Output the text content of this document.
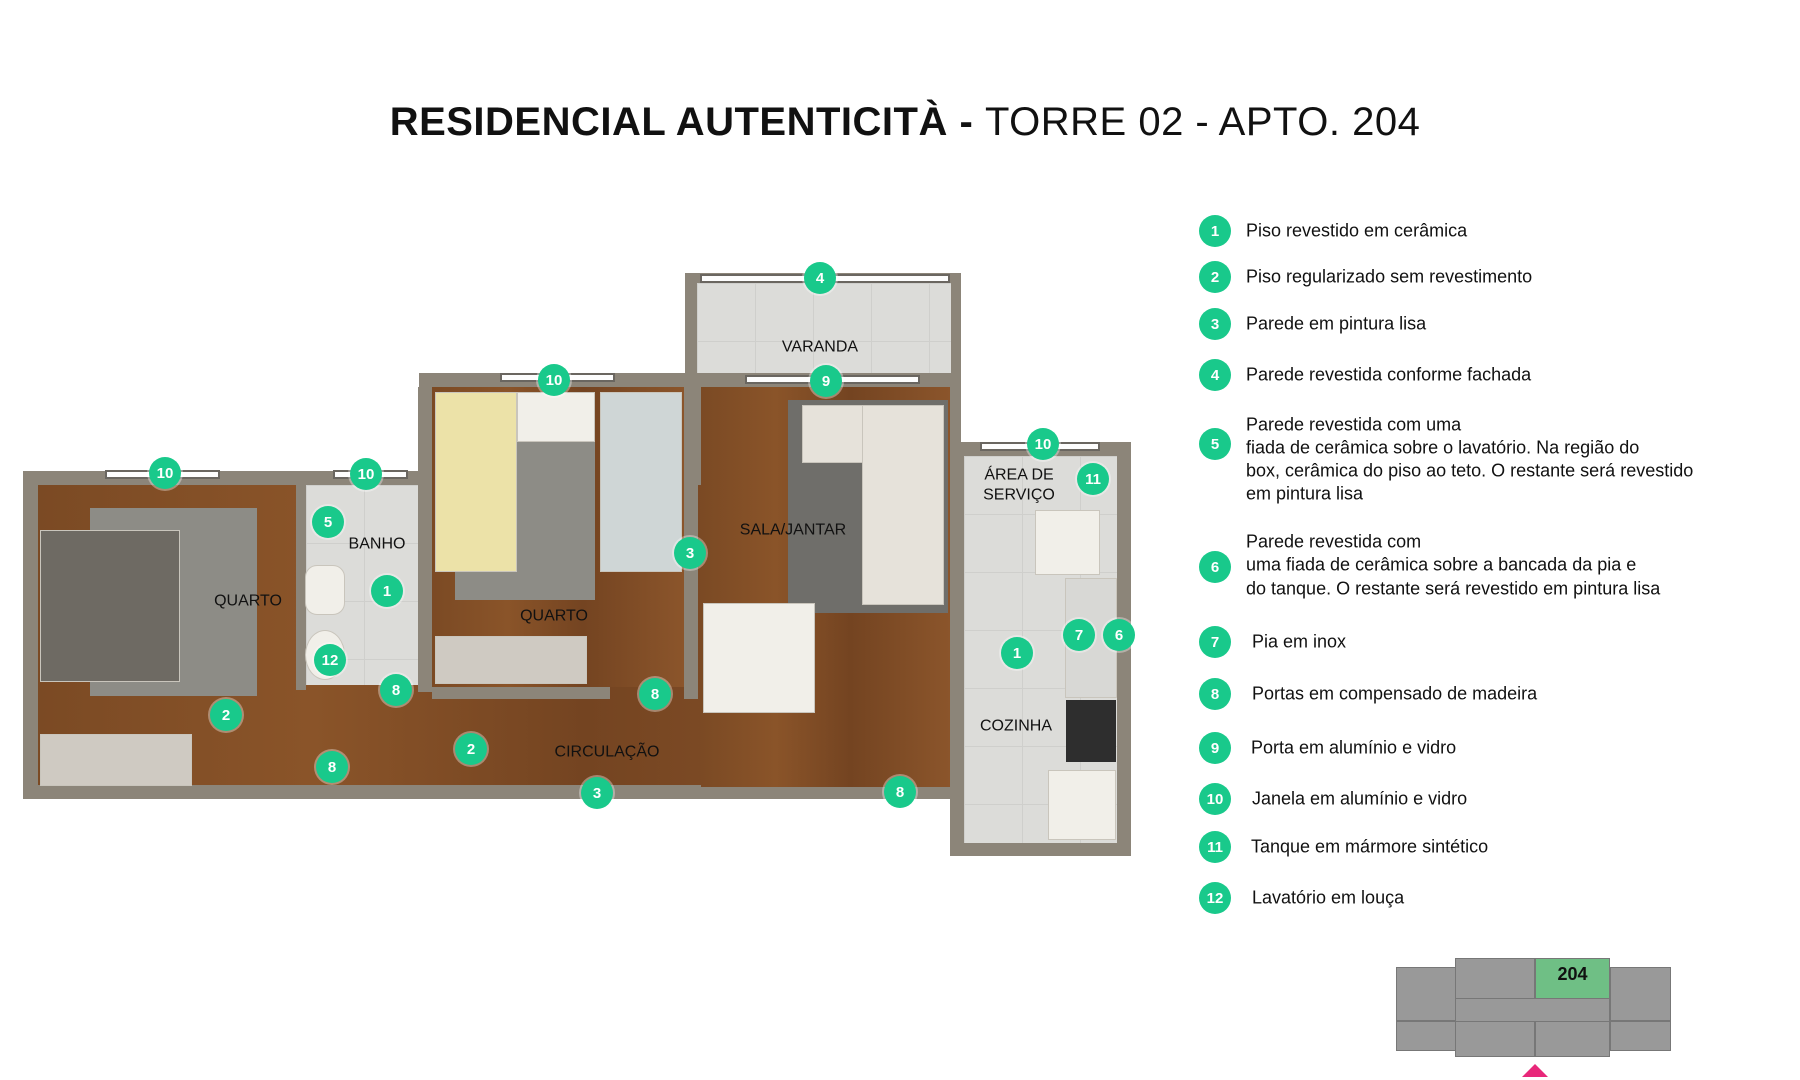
RESIDENCIAL AUTENTICITÀ - TORRE 02 - APTO. 204
QUARTO
BANHO
QUARTO
SALA/JANTAR
VARANDA
ÁREA DE
SERVIÇO
COZINHA
CIRCULAÇÃO
10	10
10
4
9
10
11
5
1
12
8
3
8
2
2
8
3	8
1
7	6
1	Piso revestido em cerâmica
2	Piso regularizado sem revestimento
3	Parede em pintura lisa
4	Parede revestida conforme fachada
5
Parede revestida com uma
fiada de cerâmica sobre o lavatório. Na região do
box, cerâmica do piso ao teto. O restante será revestido
em pintura lisa
6
Parede revestida com
uma fiada de cerâmica sobre a bancada da pia e
do tanque. O restante será revestido em pintura lisa
7	Pia em inox
8	Portas em compensado de madeira
9	Porta em alumínio e vidro
10	Janela em alumínio e vidro
11	Tanque em mármore sintético
12	Lavatório em louça
204
